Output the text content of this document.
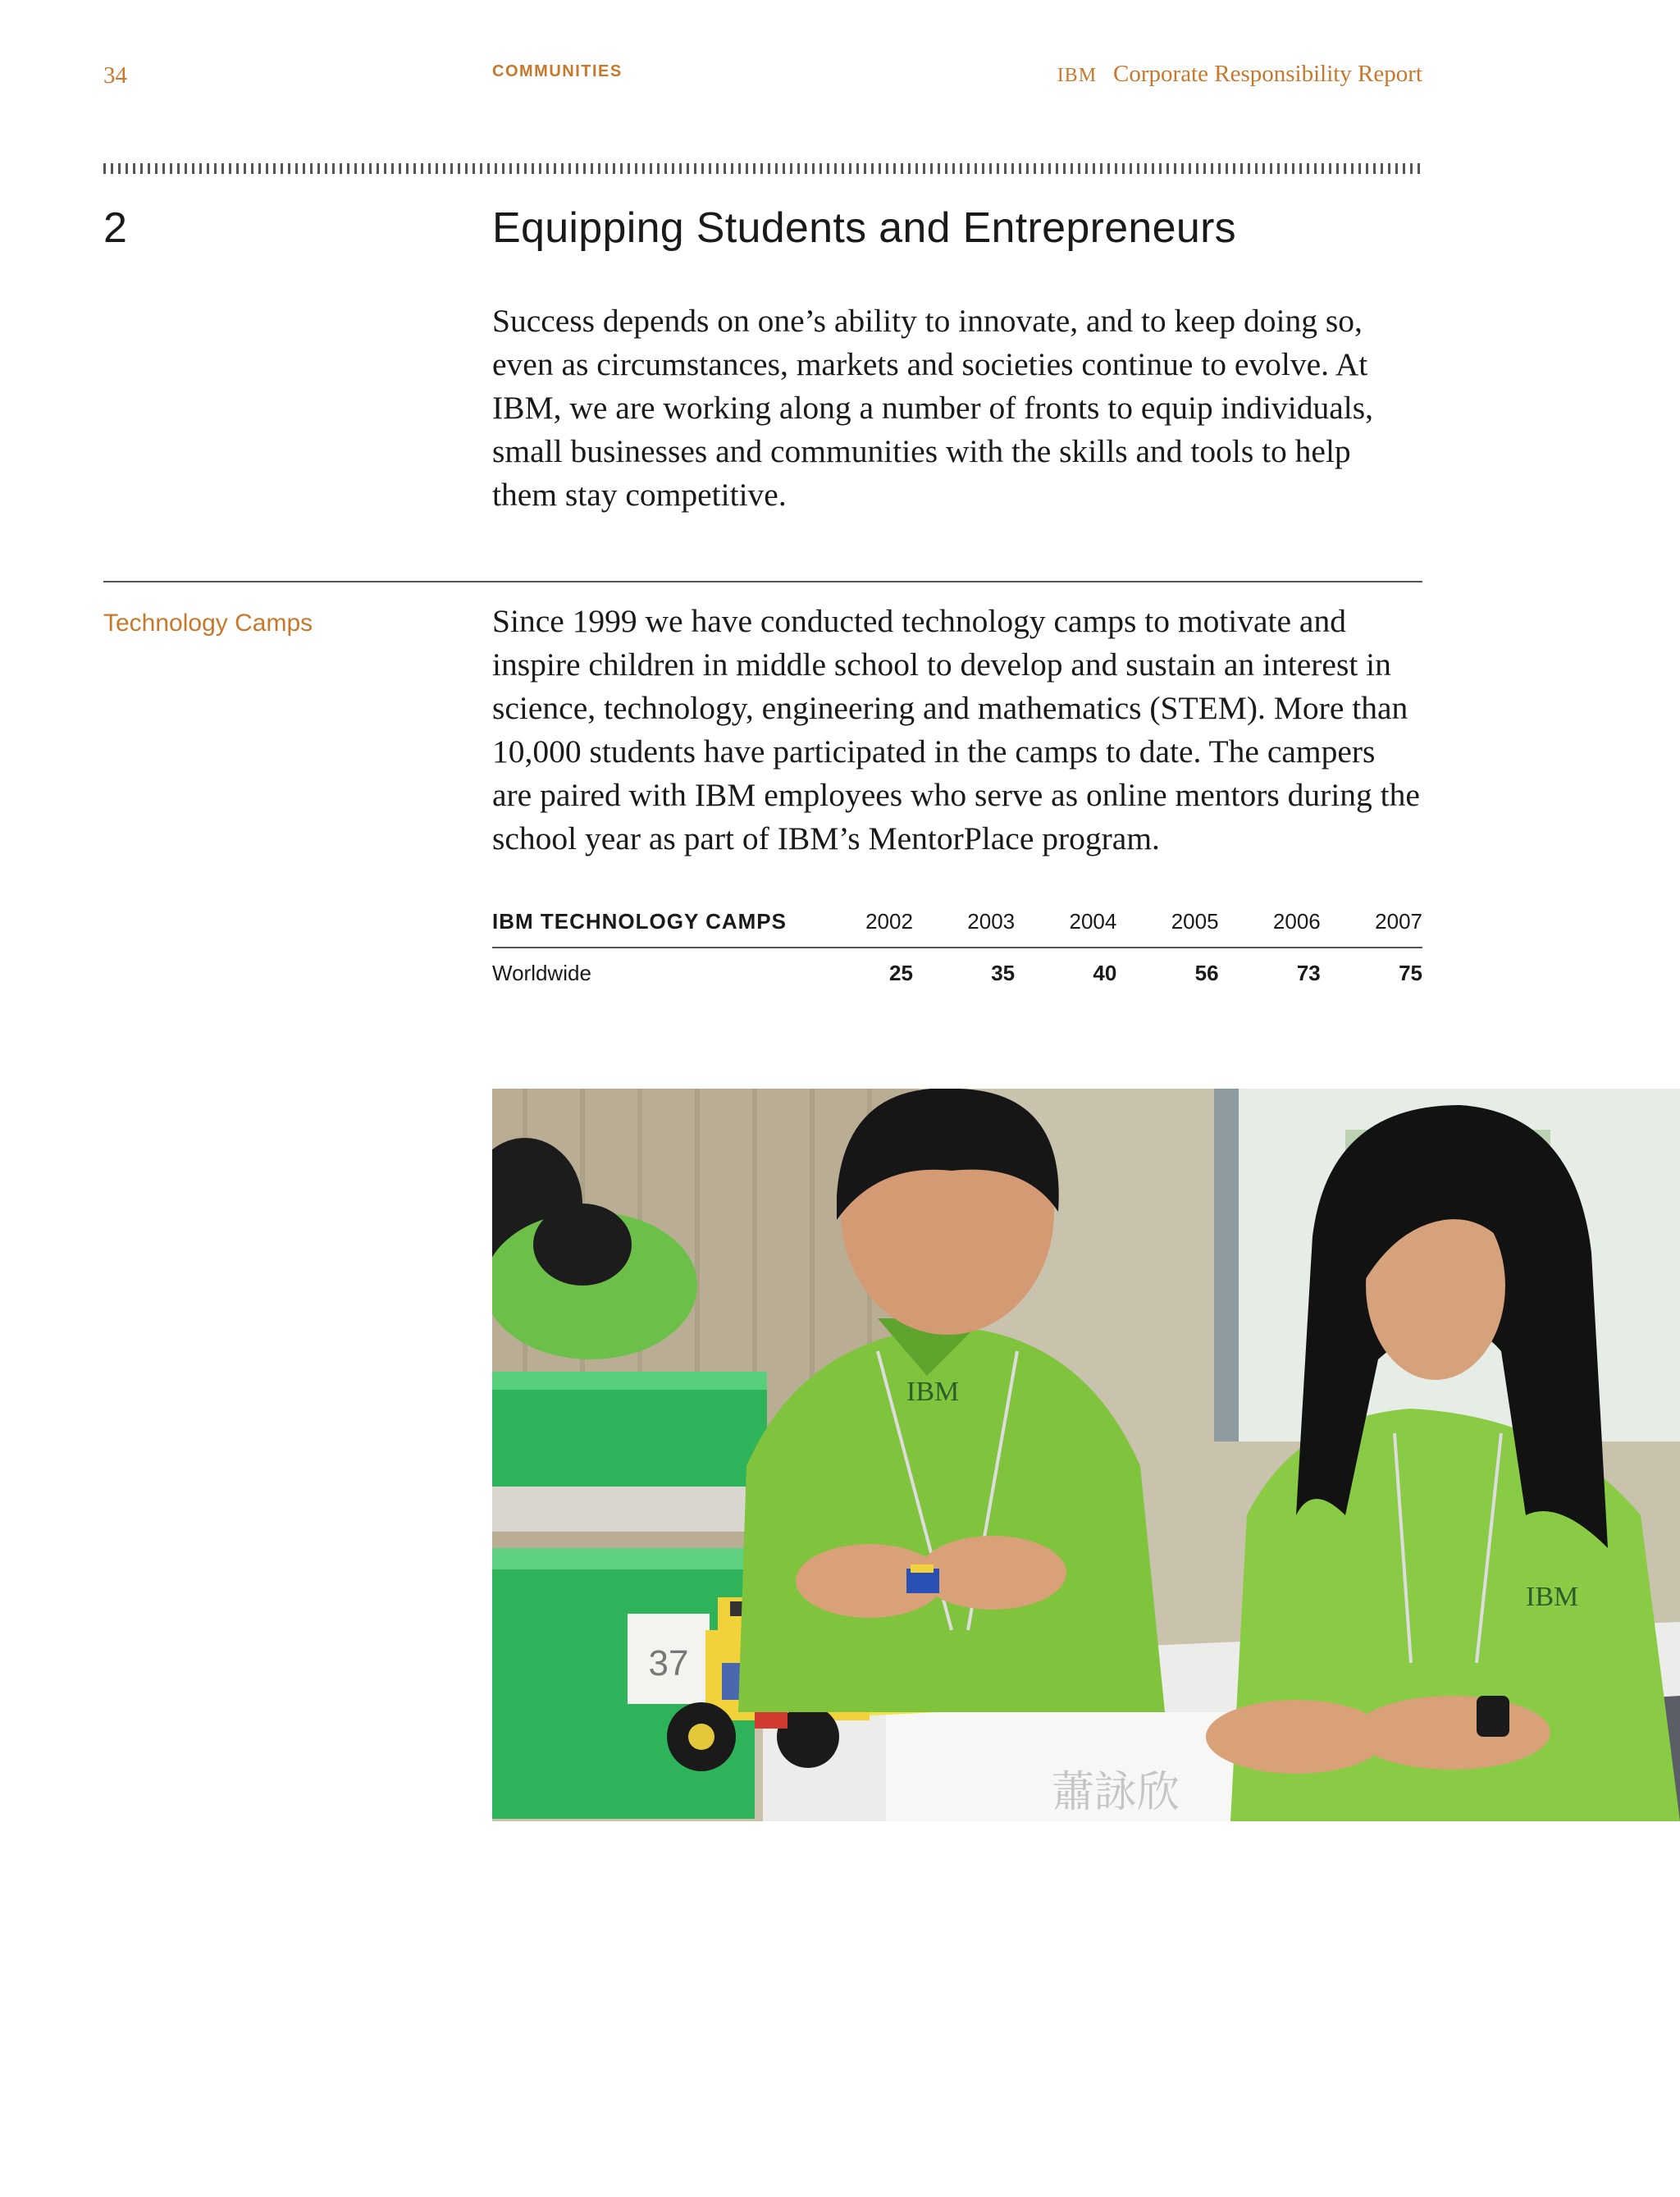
34	COMMUNITIES	IBM Corporate Responsibility Report
2	Equipping Students and Entrepreneurs

Success depends on one’s ability to innovate, and to keep doing so, even as circumstances, markets and societies continue to evolve. At IBM, we are working along a number of fronts to equip individuals, small businesses and communities with the skills and tools to help them stay competitive.

Technology Camps	Since 1999 we have conducted technology camps to motivate and inspire children in middle school to develop and sustain an interest in science, technology, engineering and mathematics (STEM). More than 10,000 students have participated in the camps to date. The campers are paired with IBM employees who serve as online mentors during the school year as part of IBM’s MentorPlace program.

IBM TECHNOLOGY CAMPS	2002	2003	2004	2005	2006	2007
Worldwide	25	35	40	56	73	75
37
蕭詠欣
IBM
IBM
